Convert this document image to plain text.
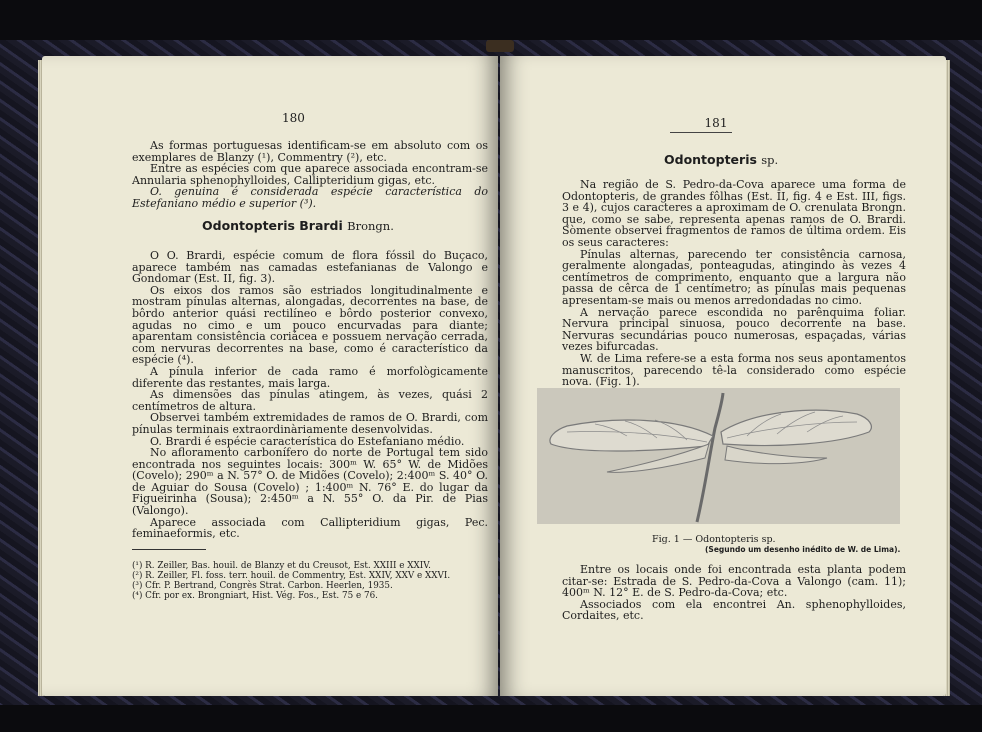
180

As formas portuguesas identificam-se em absoluto com os exemplares de Blanzy (¹), Commentry (²), etc.

Entre as espécies com que aparece associada encontram-se Annularia sphenophylloides, Callipteridium gigas, etc.

O. genuina é considerada espécie característica do Estefaniano médio e superior (³).

Odontopteris Brardi Brongn.

O O. Brardi, espécie comum de flora fóssil do Buçaco, aparece também nas camadas estefanianas de Valongo e Gondomar (Est. II, fig. 3).

Os eixos dos ramos são estriados longitudinalmente e mostram pínulas alternas, alongadas, decorrentes na base, de bôrdo anterior quási rectilíneo e bôrdo posterior convexo, agudas no cimo e um pouco encurvadas para diante; aparentam consistência coriácea e possuem nervação cerrada, com nervuras decorrentes na base, como é característico da espécie (⁴).

A pínula inferior de cada ramo é morfològicamente diferente das restantes, mais larga.

As dimensões das pínulas atingem, às vezes, quási 2 centímetros de altura.

Observei também extremidades de ramos de O. Brardi, com pínulas terminais extraordinàriamente desenvolvidas.

O. Brardi é espécie característica do Estefaniano médio.

No afloramento carbonífero do norte de Portugal tem sido encontrada nos seguintes locais: 300ᵐ W. 65° W. de Midões (Covelo); 290ᵐ a N. 57° O. de Midões (Covelo); 2:400ᵐ S. 40° O. de Aguiar do Sousa (Covelo) ; 1:400ᵐ N. 76° E. do lugar da Figueirinha (Sousa); 2:450ᵐ a N. 55° O. da Pir. de Pias (Valongo).

Aparece associada com Callipteridium gigas, Pec. feminaeformis, etc.

(¹) R. Zeiller, Bas. houil. de Blanzy et du Creusot, Est. XXIII e XXIV.

(²) R. Zeiller, Fl. foss. terr. houil. de Commentry, Est. XXIV, XXV e XXVI.

(³) Cfr. P. Bertrand, Congrès Strat. Carbon. Heerlen, 1935.

(⁴) Cfr. por ex. Brongniart, Hist. Vég. Fos., Est. 75 e 76.

181
Odontopteris sp.

Na região de S. Pedro-da-Cova aparece uma forma de Odontopteris, de grandes fôlhas (Est. II, fig. 4 e Est. III, figs. 3 e 4), cujos caracteres a aproximam de O. crenulata Brongn. que, como se sabe, representa apenas ramos de O. Brardi. Sòmente observei fragmentos de ramos de última ordem. Eis os seus caracteres:

Pínulas alternas, parecendo ter consistência carnosa, geralmente alongadas, ponteagudas, atingindo às vezes 4 centímetros de comprimento, enquanto que a largura não passa de cêrca de 1 centímetro; as pínulas mais pequenas apresentam-se mais ou menos arredondadas no cimo.

A nervação parece escondida no parênquima foliar. Nervura principal sinuosa, pouco decorrente na base. Nervuras secundárias pouco numerosas, espaçadas, várias vezes bifurcadas.

W. de Lima refere-se a esta forma nos seus apontamentos manuscritos, parecendo tê-la considerado como espécie nova. (Fig. 1).

Fig. 1 — Odontopteris sp.
(Segundo um desenho inédito de W. de Lima).

Entre os locais onde foi encontrada esta planta podem citar-se: Estrada de S. Pedro-da-Cova a Valongo (cam. 11); 400ᵐ N. 12° E. de S. Pedro-da-Cova; etc.

Associados com ela encontrei An. sphenophylloides, Cordaites, etc.
